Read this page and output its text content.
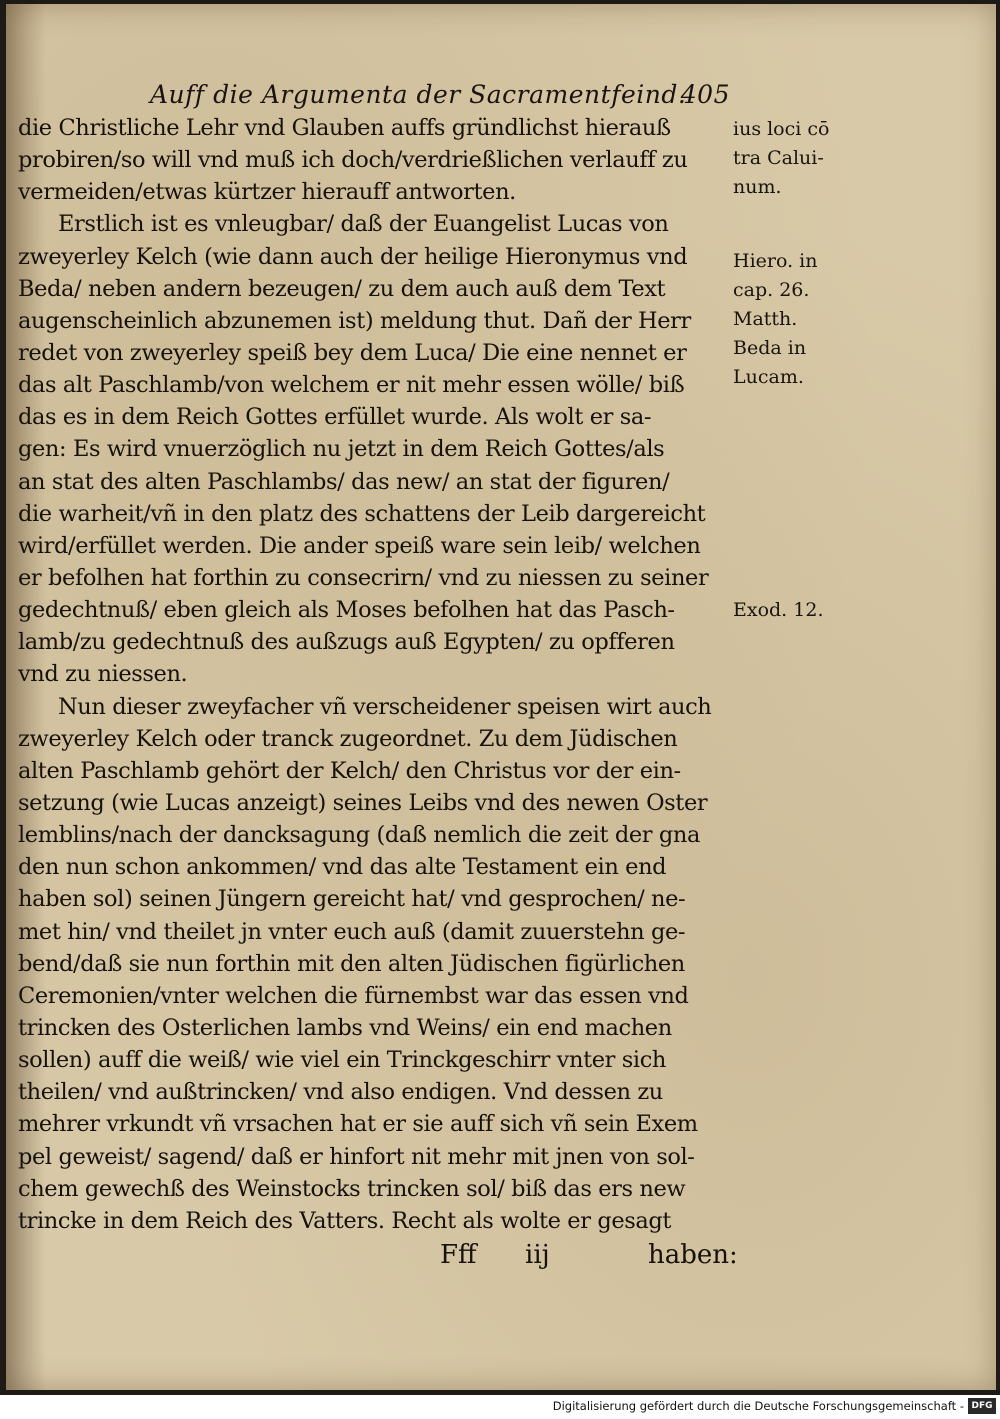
Auff die Argumenta der Sacramentfeind.
405
die Christliche Lehr vnd Glauben auffs gründlichst hierauß
probiren/so will vnd muß ich doch/verdrießlichen verlauff zu
vermeiden/etwas kürtzer hierauff antworten.
Erstlich ist es vnleugbar/ daß der Euangelist Lucas von
zweyerley Kelch (wie dann auch der heilige Hieronymus vnd
Beda/ neben andern bezeugen/ zu dem auch auß dem Text
augenscheinlich abzunemen ist) meldung thut. Dañ der Herr
redet von zweyerley speiß bey dem Luca/ Die eine nennet er
das alt Paschlamb/von welchem er nit mehr essen wölle/ biß
das es in dem Reich Gottes erfüllet wurde. Als wolt er sa-
gen: Es wird vnuerzöglich nu jetzt in dem Reich Gottes/als
an stat des alten Paschlambs/ das new/ an stat der figuren/
die warheit/vñ in den platz des schattens der Leib dargereicht
wird/erfüllet werden. Die ander speiß ware sein leib/ welchen
er befolhen hat forthin zu consecrirn/ vnd zu niessen zu seiner
gedechtnuß/ eben gleich als Moses befolhen hat das Pasch-
lamb/zu gedechtnuß des außzugs auß Egypten/ zu opfferen
vnd zu niessen.
Nun dieser zweyfacher vñ verscheidener speisen wirt auch
zweyerley Kelch oder tranck zugeordnet. Zu dem Jüdischen
alten Paschlamb gehört der Kelch/ den Christus vor der ein-
setzung (wie Lucas anzeigt) seines Leibs vnd des newen Oster
lemblins/nach der dancksagung (daß nemlich die zeit der gna
den nun schon ankommen/ vnd das alte Testament ein end
haben sol) seinen Jüngern gereicht hat/ vnd gesprochen/ ne-
met hin/ vnd theilet jn vnter euch auß (damit zuuerstehn ge-
bend/daß sie nun forthin mit den alten Jüdischen figürlichen
Ceremonien/vnter welchen die fürnembst war das essen vnd
trincken des Osterlichen lambs vnd Weins/ ein end machen
sollen) auff die weiß/ wie viel ein Trinckgeschirr vnter sich
theilen/ vnd außtrincken/ vnd also endigen. Vnd dessen zu
mehrer vrkundt vñ vrsachen hat er sie auff sich vñ sein Exem
pel geweist/ sagend/ daß er hinfort nit mehr mit jnen von sol-
chem gewechß des Weinstocks trincken sol/ biß das ers new
trincke in dem Reich des Vatters. Recht als wolte er gesagt
ius loci cō
tra Calui-
num.
Hiero. in
cap. 26.
Matth.
Beda in
Lucam.
Exod. 12.
Fff iij	haben:
Digitalisierung gefördert durch die Deutsche Forschungsgemeinschaft - DFG
